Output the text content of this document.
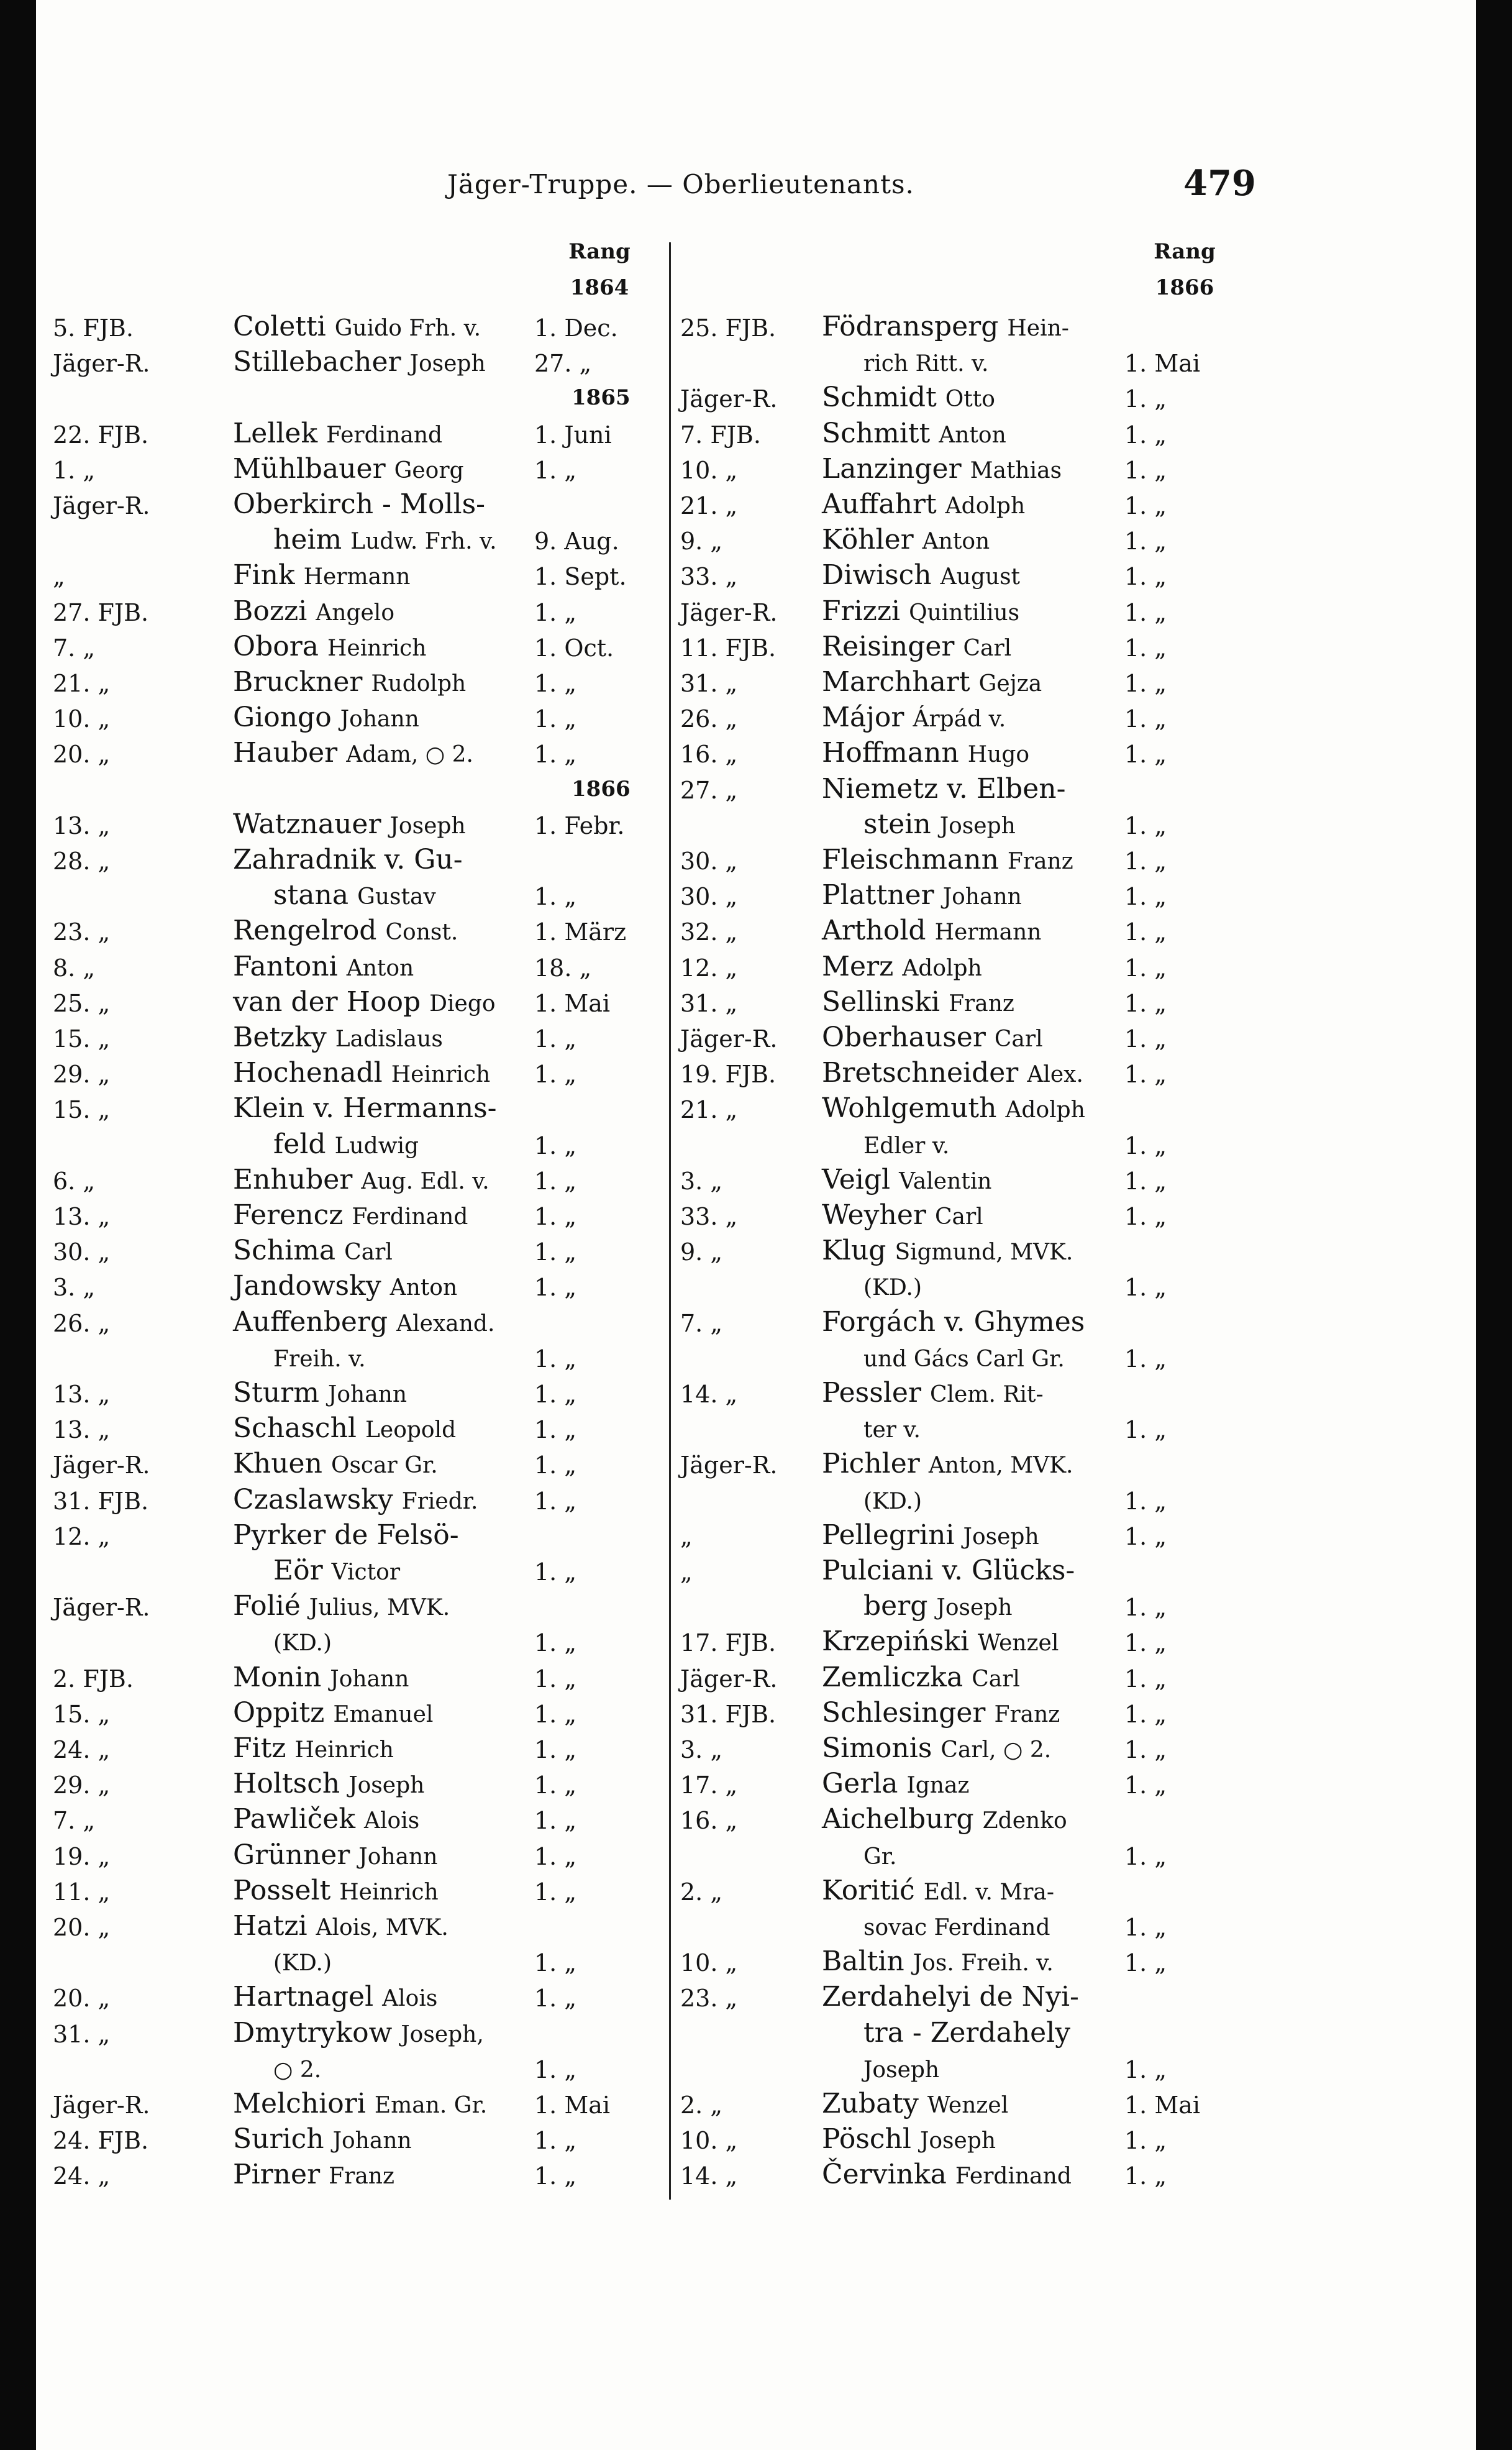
Jäger-Truppe. — Oberlieutenants.	479
Rang
1864
Rang
1866
5. FJB.	Coletti Guido Frh. v. 1. Dec.
Jäger-R.	Stillebacher Joseph 27. „
1865
22. FJB.	Lellek Ferdinand	1. Juni
1. „	Mühlbauer Georg	1. „
Jäger-R.	Oberkirch - Molls-
heim Ludw. Frh. v. 9. Aug.
„	Fink Hermann	1. Sept.
27. FJB.	Bozzi Angelo	1. „
7. „	Obora Heinrich	1. Oct.
21. „	Bruckner Rudolph	1. „
10. „	Giongo Johann	1. „
20. „	Hauber Adam, ○ 2.	1. „
1866
13. „	Watznauer Joseph	1. Febr.
28. „	Zahradnik v. Gu-
stana Gustav	1. „
23. „	Rengelrod Const.	1. März
8. „	Fantoni Anton	18. „
25. „	van der Hoop Diego 1. Mai
15. „	Betzky Ladislaus	1. „
29. „	Hochenadl Heinrich 1. „
15. „	Klein v. Hermanns-
feld Ludwig	1. „
6. „	Enhuber Aug. Edl. v. 1. „
13. „	Ferencz Ferdinand	1. „
30. „	Schima Carl	1. „
3. „	Jandowsky Anton	1. „
26. „	Auffenberg Alexand.
Freih. v.	1. „
13. „	Sturm Johann	1. „
13. „	Schaschl Leopold	1. „
Jäger-R.	Khuen Oscar Gr.	1. „
31. FJB.	Czaslawsky Friedr. 1. „
12. „	Pyrker de Felsö-
Eör Victor	1. „
Jäger-R.	Folié Julius, MVK.
(KD.)	1. „
2. FJB.	Monin Johann	1. „
15. „	Oppitz Emanuel	1. „
24. „	Fitz Heinrich	1. „
29. „	Holtsch Joseph	1. „
7. „	Pawliček Alois	1. „
19. „	Grünner Johann	1. „
11. „	Posselt Heinrich	1. „
20. „	Hatzi Alois, MVK.
(KD.)	1. „
20. „	Hartnagel Alois	1. „
31. „	Dmytrykow Joseph,
○ 2.	1. „
Jäger-R.	Melchiori Eman. Gr. 1. Mai
24. FJB.	Surich Johann	1. „
24. „	Pirner Franz	1. „
25. FJB. Födransperg Hein-
rich Ritt. v.	1. Mai
Jäger-R. Schmidt Otto	1. „
7. FJB. Schmitt Anton	1. „
10. „	Lanzinger Mathias	1. „
21. „	Auffahrt Adolph	1. „
9. „	Köhler Anton	1. „
33. „	Diwisch August	1. „
Jäger-R. Frizzi Quintilius	1. „
11. FJB. Reisinger Carl	1. „
31. „	Marchhart Gejza	1. „
26. „	Májor Árpád v.	1. „
16. „	Hoffmann Hugo	1. „
27. „	Niemetz v. Elben-
stein Joseph	1. „
30. „	Fleischmann Franz 1. „
30. „	Plattner Johann	1. „
32. „	Arthold Hermann	1. „
12. „	Merz Adolph	1. „
31. „	Sellinski Franz	1. „
Jäger-R. Oberhauser Carl	1. „
19. FJB. Bretschneider Alex. 1. „
21. „	Wohlgemuth Adolph
Edler v.	1. „
3. „	Veigl Valentin	1. „
33. „	Weyher Carl	1. „
9. „	Klug Sigmund, MVK.
(KD.)	1. „
7. „	Forgách v. Ghymes
und Gács Carl Gr.	1. „
14. „	Pessler Clem. Rit-
ter v.	1. „
Jäger-R. Pichler Anton, MVK.
(KD.)	1. „
„	Pellegrini Joseph	1. „
„	Pulciani v. Glücks-
berg Joseph	1. „
17. FJB. Krzepiński Wenzel	1. „
Jäger-R. Zemliczka Carl	1. „
31. FJB. Schlesinger Franz	1. „
3. „	Simonis Carl, ○ 2.	1. „
17. „	Gerla Ignaz	1. „
16. „	Aichelburg Zdenko
Gr.	1. „
2. „	Koritić Edl. v. Mra-
sovac Ferdinand	1. „
10. „	Baltin Jos. Freih. v.	1. „
23. „	Zerdahelyi de Nyi-
tra - Zerdahely
Joseph	1. „
2. „	Zubaty Wenzel	1. Mai
10. „	Pöschl Joseph	1. „
14. „	Červinka Ferdinand 1. „
